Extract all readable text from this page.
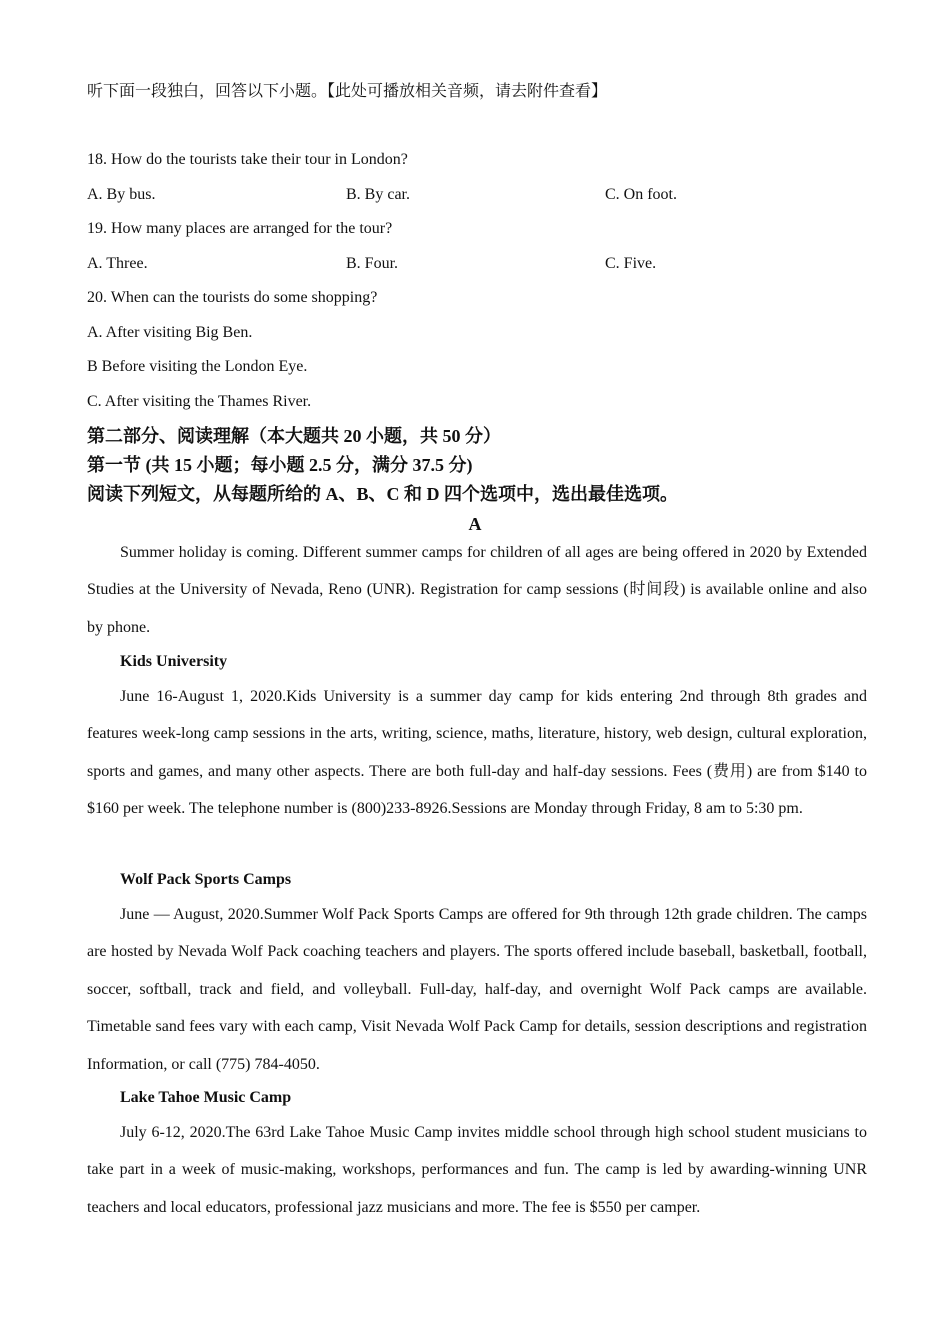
听下面一段独白，回答以下小题。【此处可播放相关音频，请去附件查看】
18. How do the tourists take their tour in London?
A. By bus.	B. By car.	C. On foot.
19. How many places are arranged for the tour?
A. Three.	B. Four.	C. Five.
20. When can the tourists do some shopping?
A. After visiting Big Ben.
B Before visiting the London Eye.
C. After visiting the Thames River.
第二部分、阅读理解（本大题共 20 小题，共 50 分）
第一节 (共 15 小题；每小题 2.5 分，满分 37.5 分)
阅读下列短文，从每题所给的 A、B、C 和 D 四个选项中，选出最佳选项。
A
Summer holiday is coming. Different summer camps for children of all ages are being offered in 2020 by Extended Studies at the University of Nevada, Reno (UNR). Registration for camp sessions (时间段) is available online and also by phone.
Kids University
June 16-August 1, 2020.Kids University is a summer day camp for kids entering 2nd through 8th grades and features week-long camp sessions in the arts, writing, science, maths, literature, history, web design, cultural exploration, sports and games, and many other aspects. There are both full-day and half-day sessions. Fees (费用) are from $140 to $160 per week. The telephone number is (800)233-8926.Sessions are Monday through Friday, 8 am to 5:30 pm.
Wolf Pack Sports Camps
June — August, 2020.Summer Wolf Pack Sports Camps are offered for 9th through 12th grade children. The camps are hosted by Nevada Wolf Pack coaching teachers and players. The sports offered include baseball, basketball, football, soccer, softball, track and field, and volleyball. Full-day, half-day, and overnight Wolf Pack camps are available. Timetable sand fees vary with each camp, Visit Nevada Wolf Pack Camp for details, session descriptions and registration Information, or call (775) 784-4050.
Lake Tahoe Music Camp
July 6-12, 2020.The 63rd Lake Tahoe Music Camp invites middle school through high school student musicians to take part in a week of music-making, workshops, performances and fun. The camp is led by awarding-winning UNR teachers and local educators, professional jazz musicians and more. The fee is $550 per camper.
